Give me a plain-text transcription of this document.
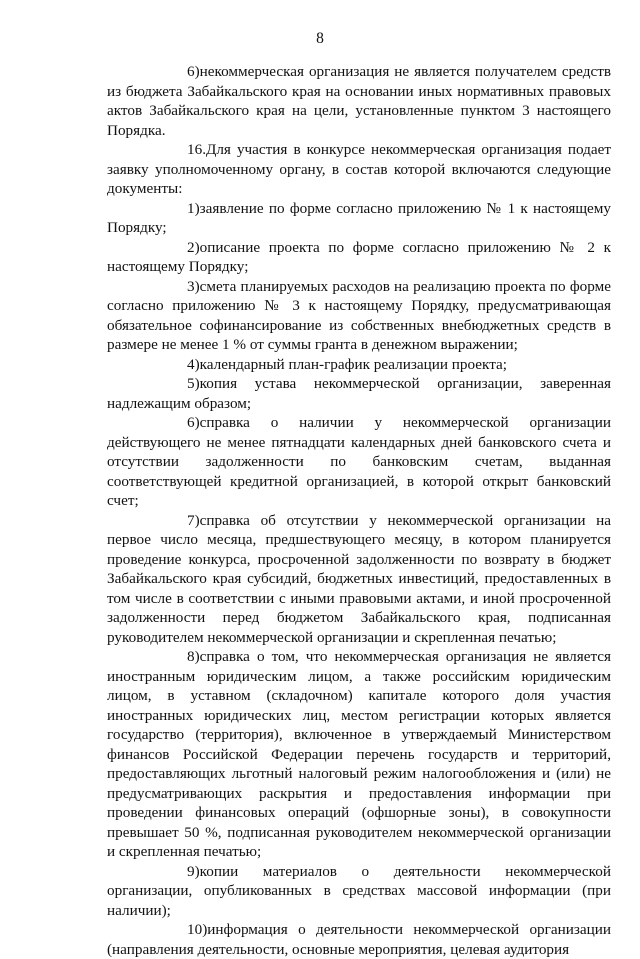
8

6)некоммерческая организация не является получателем средств из бюджета Забайкальского края на основании иных нормативных правовых актов Забайкальского края на цели, установленные пунктом 3 настоящего Порядка.

16.Для участия в конкурсе некоммерческая организация подает заявку уполномоченному органу, в состав которой включаются следующие документы:

1)заявление по форме согласно приложению № 1 к настоящему Порядку;

2)описание проекта по форме согласно приложению № 2 к настоящему Порядку;

3)смета планируемых расходов на реализацию проекта по форме согласно приложению № 3 к настоящему Порядку, предусматривающая обязательное софинансирование из собственных внебюджетных средств в размере не менее 1 % от суммы гранта в денежном выражении;

4)календарный план-график реализации проекта;

5)копия устава некоммерческой организации, заверенная надлежащим образом;

6)справка о наличии у некоммерческой организации действующего не менее пятнадцати календарных дней банковского счета и отсутствии задолженности по банковским счетам, выданная соответствующей кредитной организацией, в которой открыт банковский счет;

7)справка об отсутствии у некоммерческой организации на первое число месяца, предшествующего месяцу, в котором планируется проведение конкурса, просроченной задолженности по возврату в бюджет Забайкальского края субсидий, бюджетных инвестиций, предоставленных в том числе в соответствии с иными правовыми актами, и иной просроченной задолженности перед бюджетом Забайкальского края, подписанная руководителем некоммерческой организации и скрепленная печатью;

8)справка о том, что некоммерческая организация не является иностранным юридическим лицом, а также российским юридическим лицом, в уставном (складочном) капитале которого доля участия иностранных юридических лиц, местом регистрации которых является государство (территория), включенное в утверждаемый Министерством финансов Российской Федерации перечень государств и территорий, предоставляющих льготный налоговый режим налогообложения и (или) не предусматривающих раскрытия и предоставления информации при проведении финансовых операций (офшорные зоны), в совокупности превышает 50 %, подписанная руководителем некоммерческой организации и скрепленная печатью;

9)копии материалов о деятельности некоммерческой организации, опубликованных в средствах массовой информации (при наличии);

10)информация о деятельности некоммерческой организации (направления деятельности, основные мероприятия, целевая аудитория
